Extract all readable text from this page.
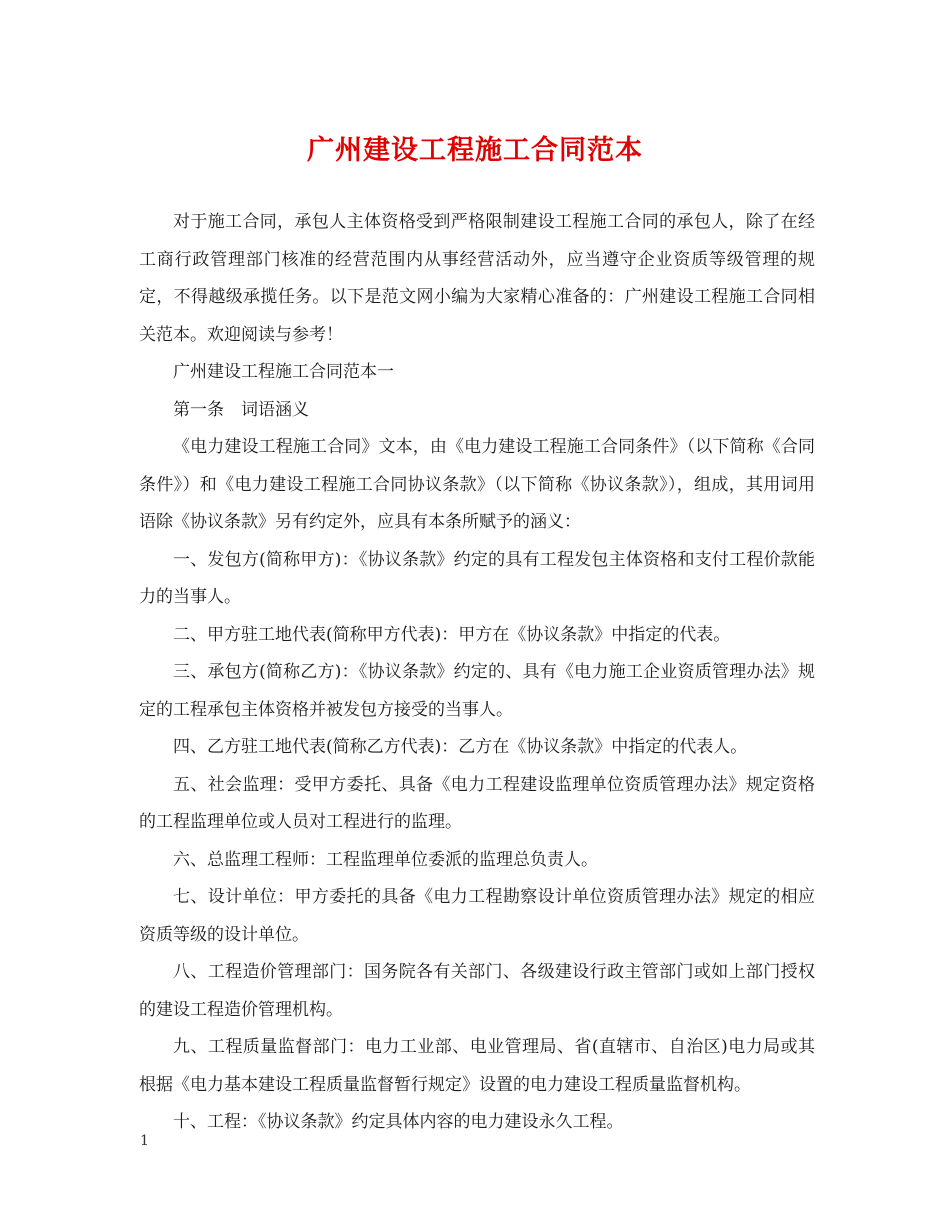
广州建设工程施工合同范本

对于施工合同，承包人主体资格受到严格限制建设工程施工合同的承包人，除了在经工商行政管理部门核准的经营范围内从事经营活动外，应当遵守企业资质等级管理的规定，不得越级承揽任务。以下是范文网小编为大家精心准备的：广州建设工程施工合同相关范本。欢迎阅读与参考！

广州建设工程施工合同范本一

第一条　词语涵义

《电力建设工程施工合同》文本，由《电力建设工程施工合同条件》（以下简称《合同条件》）和《电力建设工程施工合同协议条款》（以下简称《协议条款》），组成，其用词用语除《协议条款》另有约定外，应具有本条所赋予的涵义：

一、发包方(简称甲方)：《协议条款》约定的具有工程发包主体资格和支付工程价款能力的当事人。

二、甲方驻工地代表(简称甲方代表)：甲方在《协议条款》中指定的代表。

三、承包方(简称乙方)：《协议条款》约定的、具有《电力施工企业资质管理办法》规定的工程承包主体资格并被发包方接受的当事人。

四、乙方驻工地代表(简称乙方代表)：乙方在《协议条款》中指定的代表人。

五、社会监理：受甲方委托、具备《电力工程建设监理单位资质管理办法》规定资格的工程监理单位或人员对工程进行的监理。

六、总监理工程师：工程监理单位委派的监理总负责人。

七、设计单位：甲方委托的具备《电力工程勘察设计单位资质管理办法》规定的相应资质等级的设计单位。

八、工程造价管理部门：国务院各有关部门、各级建设行政主管部门或如上部门授权的建设工程造价管理机构。

九、工程质量监督部门：电力工业部、电业管理局、省(直辖市、自治区)电力局或其根据《电力基本建设工程质量监督暂行规定》设置的电力建设工程质量监督机构。

十、工程：《协议条款》约定具体内容的电力建设永久工程。

1
